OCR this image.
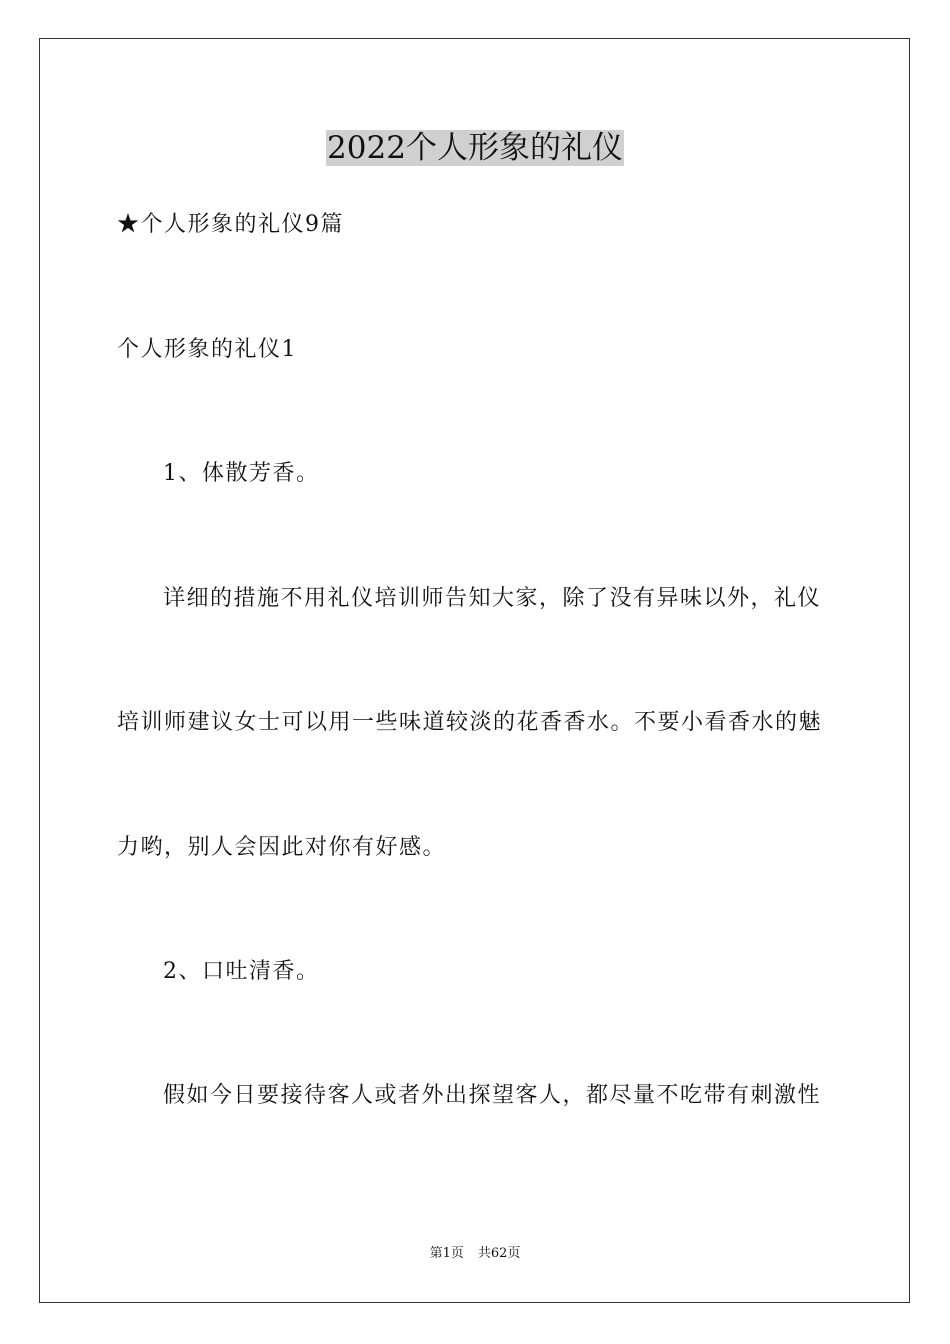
2022个人形象的礼仪
★个人形象的礼仪9篇
个人形象的礼仪1
1、体散芳香。
详细的措施不用礼仪培训师告知大家，除了没有异味以外，礼仪
培训师建议女士可以用一些味道较淡的花香香水。不要小看香水的魅
力哟，别人会因此对你有好感。
2、口吐清香。
假如今日要接待客人或者外出探望客人，都尽量不吃带有刺激性
第1页 共62页
